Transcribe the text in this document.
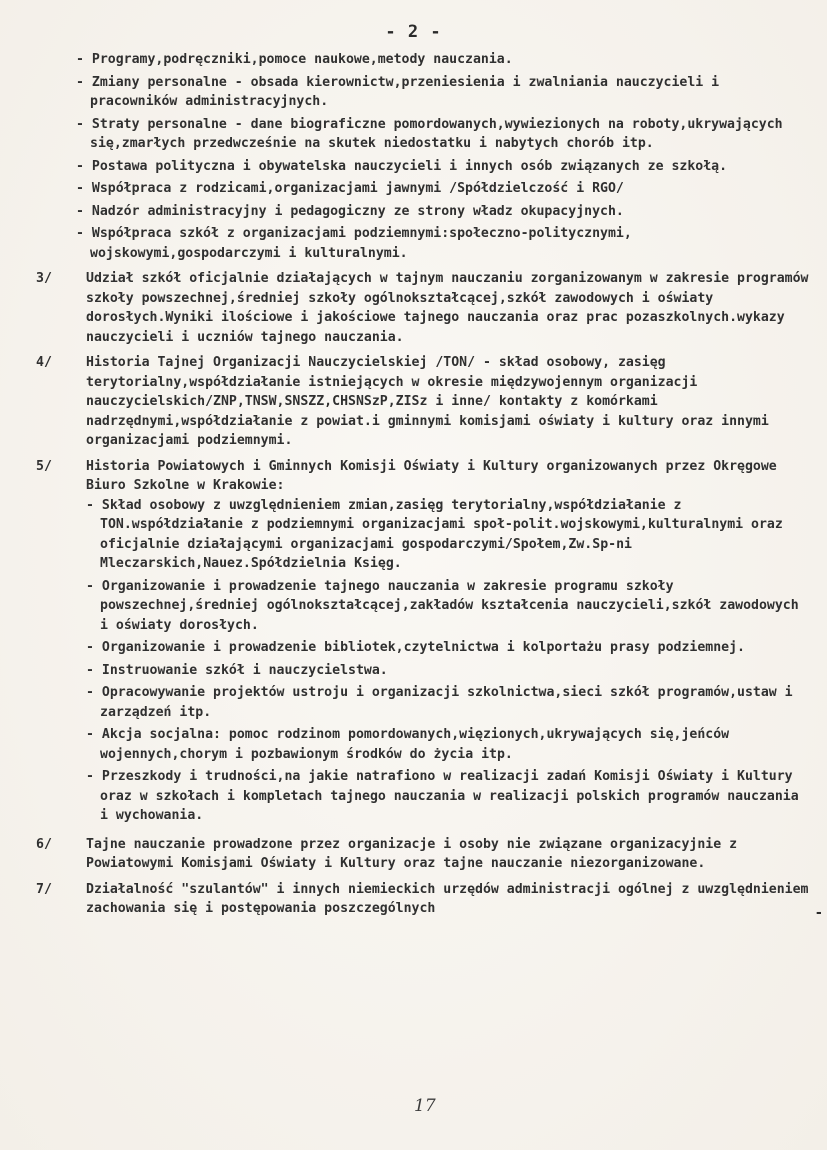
- 2 -

- Programy,podręczniki,pomoce naukowe,metody nauczania.

- Zmiany personalne - obsada kierownictw,przeniesienia i zwalniania nauczycieli i pracowników administracyjnych.

- Straty personalne - dane biograficzne pomordowanych,wywiezionych na roboty,ukrywających się,zmarłych przedwcześnie na skutek niedostatku i nabytych chorób itp.

- Postawa polityczna i obywatelska nauczycieli i innych osób związanych ze szkołą.

- Współpraca z rodzicami,organizacjami jawnymi /Spółdzielczość i RGO/

- Nadzór administracyjny i pedagogiczny ze strony władz okupacyjnych.

- Współpraca szkół z organizacjami podziemnymi:społeczno-politycznymi, wojskowymi,gospodarczymi i kulturalnymi.

3/	Udział szkół oficjalnie działających w tajnym nauczaniu zorganizowanym w zakresie programów szkoły powszechnej,średniej szkoły ogólnokształcącej,szkół zawodowych i oświaty dorosłych.Wyniki ilościowe i jakościowe tajnego nauczania oraz prac pozaszkolnych.wykazy nauczycieli i uczniów tajnego nauczania.
4/	Historia Tajnej Organizacji Nauczycielskiej /TON/ - skład osobowy, zasięg terytorialny,współdziałanie istniejących w okresie międzywojennym organizacji nauczycielskich/ZNP,TNSW,SNSZZ,CHSNSzP,ZISz i inne/ kontakty z komórkami nadrzędnymi,współdziałanie z powiat.i gminnymi komisjami oświaty i kultury oraz innymi organizacjami podziemnymi.
5/	Historia Powiatowych i Gminnych Komisji Oświaty i Kultury organizowanych przez Okręgowe Biuro Szkolne w Krakowie:

- Skład osobowy z uwzględnieniem zmian,zasięg terytorialny,współdziałanie z TON.współdziałanie z podziemnymi organizacjami społ-polit.wojskowymi,kulturalnymi oraz oficjalnie działającymi organizacjami gospodarczymi/Społem,Zw.Sp-ni Mleczarskich,Nauez.Spółdzielnia Księg.

- Organizowanie i prowadzenie tajnego nauczania w zakresie programu szkoły powszechnej,średniej ogólnokształcącej,zakładów kształcenia nauczycieli,szkół zawodowych i oświaty dorosłych.

- Organizowanie i prowadzenie bibliotek,czytelnictwa i kolportażu prasy podziemnej.

- Instruowanie szkół i nauczycielstwa.

- Opracowywanie projektów ustroju i organizacji szkolnictwa,sieci szkół programów,ustaw i zarządzeń itp.

- Akcja socjalna: pomoc rodzinom pomordowanych,więzionych,ukrywających się,jeńców wojennych,chorym i pozbawionym środków do życia itp.

- Przeszkody i trudności,na jakie natrafiono w realizacji zadań Komisji Oświaty i Kultury oraz w szkołach i kompletach tajnego nauczania w realizacji polskich programów nauczania i wychowania.

6/	Tajne nauczanie prowadzone przez organizacje i osoby nie związane organizacyjnie z Powiatowymi Komisjami Oświaty i Kultury oraz tajne nauczanie niezorganizowane.
7/	Działalność "szulantów" i innych niemieckich urzędów administracji ogólnej z uwzględnieniem zachowania się i postępowania poszczególnych	-
17
